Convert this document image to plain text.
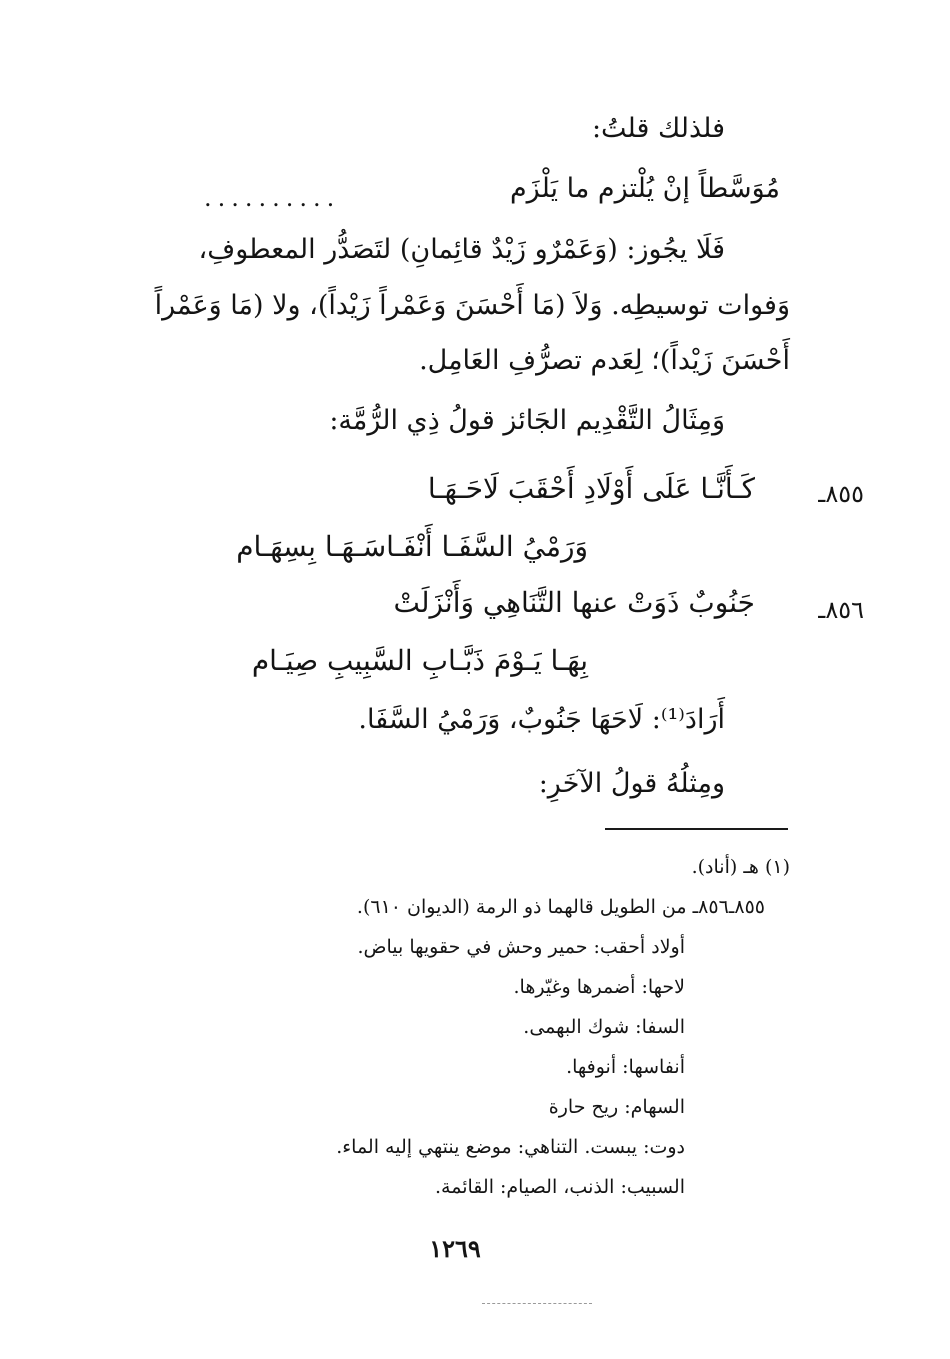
فلذلك قلتُ:
مُوَسَّطاً إنْ يُلْتزم ما يَلْزَم
..........
فَلَا يجُوز: (وَعَمْرٌو زَيْدٌ قائِمانِ) لتَصَدُّر المعطوفِ،
وَفوات توسيطِه. وَلاَ (مَا أَحْسَنَ وَعَمْراً زَيْداً)، ولا (مَا وَعَمْراً
أَحْسَنَ زَيْداً)؛ لِعَدم تصرُّفِ العَامِل.
وَمِثَالُ التَّقْدِيم الجَائز قولُ ذِي الرُّمَّة:
٨٥٥ـ
كَـأَنَّـا عَلَى أَوْلَادِ أَحْقَبَ لَاحَـهَـا
وَرَمْيُ السَّفَـا أَنْفَـاسَـهَـا بِسِهَـام
٨٥٦ـ
جَنُوبٌ ذَوَتْ عنها التَّنَاهِي وَأَنْزَلَتْ
بِهَـا يَـوْمَ ذَبَّـابِ السَّبِيبِ صِيَـام
أَرَادَ⁽¹⁾: لَاحَهَا جَنُوبٌ، وَرَمْيُ السَّفَا.
ومِثلُهُ قولُ الآخَرِ:
(١) هـ (أناد).
٨٥٥ـ٨٥٦ـ من الطويل قالهما ذو الرمة (الديوان ٦١٠).
أولاد أحقب: حمير وحش في حقويها بياض.
لاحها: أضمرها وغيّرها.
السفا: شوك البهمى.
أنفاسها: أنوفها.
السهام: ريح حارة
دوت: يبست. التناهي: موضع ينتهي إليه الماء.
السبيب: الذنب، الصيام: القائمة.
١٢٦٩
